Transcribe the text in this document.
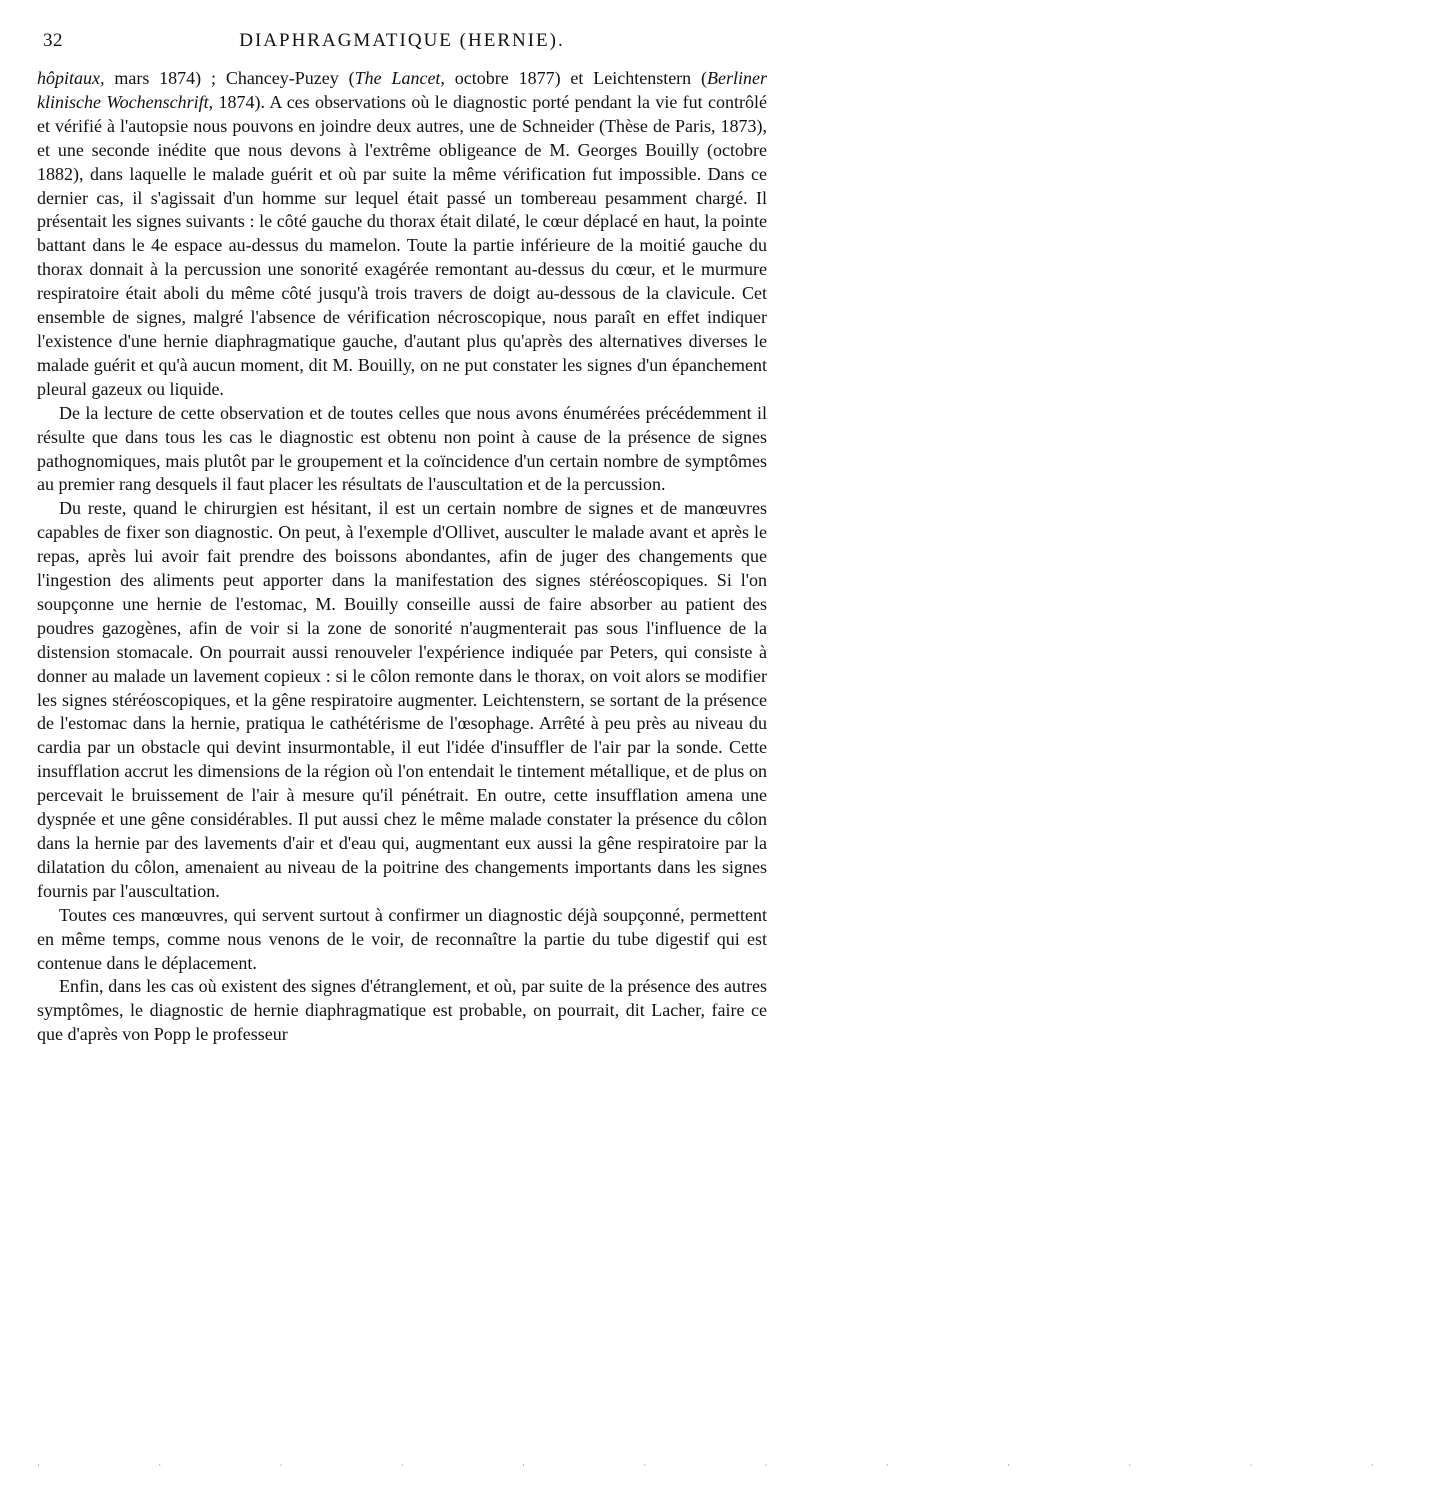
32	DIAPHRAGMATIQUE (HERNIE).

hôpitaux, mars 1874) ; Chancey-Puzey (The Lancet, octobre 1877) et Leichtenstern (Berliner klinische Wochenschrift, 1874). A ces observations où le diagnostic porté pendant la vie fut contrôlé et vérifié à l'autopsie nous pouvons en joindre deux autres, une de Schneider (Thèse de Paris, 1873), et une seconde inédite que nous devons à l'extrême obligeance de M. Georges Bouilly (octobre 1882), dans laquelle le malade guérit et où par suite la même vérification fut impossible. Dans ce dernier cas, il s'agissait d'un homme sur lequel était passé un tombereau pesamment chargé. Il présentait les signes suivants : le côté gauche du thorax était dilaté, le cœur déplacé en haut, la pointe battant dans le 4e espace au-dessus du mamelon. Toute la partie inférieure de la moitié gauche du thorax donnait à la percussion une sonorité exagérée remontant au-dessus du cœur, et le murmure respiratoire était aboli du même côté jusqu'à trois travers de doigt au-dessous de la clavicule. Cet ensemble de signes, malgré l'absence de vérification nécroscopique, nous paraît en effet indiquer l'existence d'une hernie diaphragmatique gauche, d'autant plus qu'après des alternatives diverses le malade guérit et qu'à aucun moment, dit M. Bouilly, on ne put constater les signes d'un épanchement pleural gazeux ou liquide.

De la lecture de cette observation et de toutes celles que nous avons énumérées précédemment il résulte que dans tous les cas le diagnostic est obtenu non point à cause de la présence de signes pathognomiques, mais plutôt par le groupement et la coïncidence d'un certain nombre de symptômes au premier rang desquels il faut placer les résultats de l'auscultation et de la percussion.

Du reste, quand le chirurgien est hésitant, il est un certain nombre de signes et de manœuvres capables de fixer son diagnostic. On peut, à l'exemple d'Ollivet, ausculter le malade avant et après le repas, après lui avoir fait prendre des boissons abondantes, afin de juger des changements que l'ingestion des aliments peut apporter dans la manifestation des signes stéréoscopiques. Si l'on soupçonne une hernie de l'estomac, M. Bouilly conseille aussi de faire absorber au patient des poudres gazogènes, afin de voir si la zone de sonorité n'augmenterait pas sous l'influence de la distension stomacale. On pourrait aussi renouveler l'expérience indiquée par Peters, qui consiste à donner au malade un lavement copieux : si le côlon remonte dans le thorax, on voit alors se modifier les signes stéréoscopiques, et la gêne respiratoire augmenter. Leichtenstern, se sortant de la présence de l'estomac dans la hernie, pratiqua le cathétérisme de l'œsophage. Arrêté à peu près au niveau du cardia par un obstacle qui devint insurmontable, il eut l'idée d'insuffler de l'air par la sonde. Cette insufflation accrut les dimensions de la région où l'on entendait le tintement métallique, et de plus on percevait le bruissement de l'air à mesure qu'il pénétrait. En outre, cette insufflation amena une dyspnée et une gêne considérables. Il put aussi chez le même malade constater la présence du côlon dans la hernie par des lavements d'air et d'eau qui, augmentant eux aussi la gêne respiratoire par la dilatation du côlon, amenaient au niveau de la poitrine des changements importants dans les signes fournis par l'auscultation.

Toutes ces manœuvres, qui servent surtout à confirmer un diagnostic déjà soupçonné, permettent en même temps, comme nous venons de le voir, de reconnaître la partie du tube digestif qui est contenue dans le déplacement.

Enfin, dans les cas où existent des signes d'étranglement, et où, par suite de la présence des autres symptômes, le diagnostic de hernie diaphragmatique est probable, on pourrait, dit Lacher, faire ce que d'après von Popp le professeur

· · · · · · · · · · · ·
